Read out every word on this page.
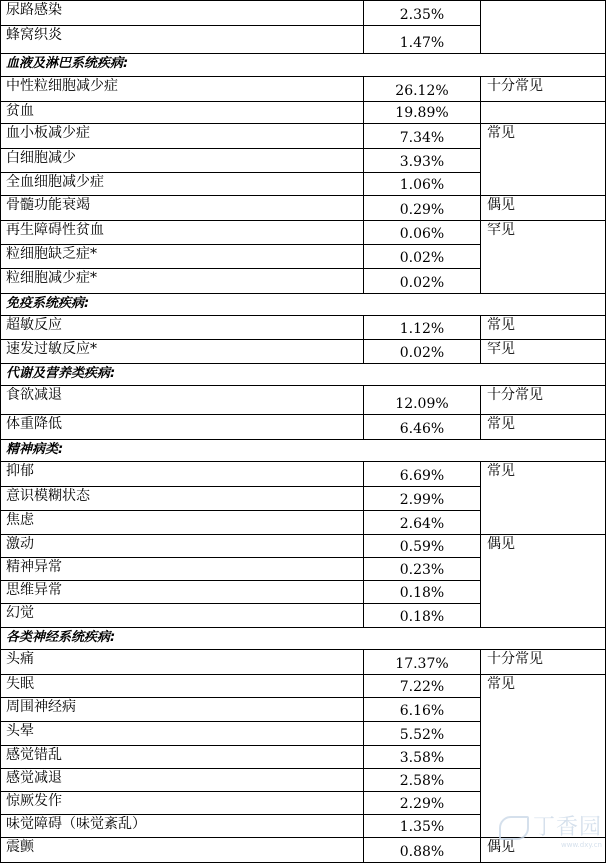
尿路感染	2.35%	
蜂窝织炎	1.47%	
血液及淋巴系统疾病:		
中性粒细胞减少症	26.12%	十分常见
贫血	19.89%	
血小板减少症	7.34%	常见
白细胞减少	3.93%	
全血细胞减少症	1.06%	
骨髓功能衰竭	0.29%	偶见
再生障碍性贫血	0.06%	罕见
粒细胞缺乏症*	0.02%	
粒细胞减少症*	0.02%	
免疫系统疾病:		
超敏反应	1.12%	常见
速发过敏反应*	0.02%	罕见
代谢及营养类疾病:		
食欲减退	12.09%	十分常见
体重降低	6.46%	常见
精神病类:		
抑郁	6.69%	常见
意识模糊状态	2.99%	
焦虑	2.64%	
激动	0.59%	偶见
精神异常	0.23%	
思维异常	0.18%	
幻觉	0.18%	
各类神经系统疾病:		
头痛	17.37%	十分常见
失眠	7.22%	常见
周围神经病	6.16%	
头晕	5.52%	
感觉错乱	3.58%	
感觉减退	2.58%	
惊厥发作	2.29%	
味觉障碍（味觉紊乱）	1.35%	
震颤	0.88%	偶见
丁香园
www.dxy.cn
